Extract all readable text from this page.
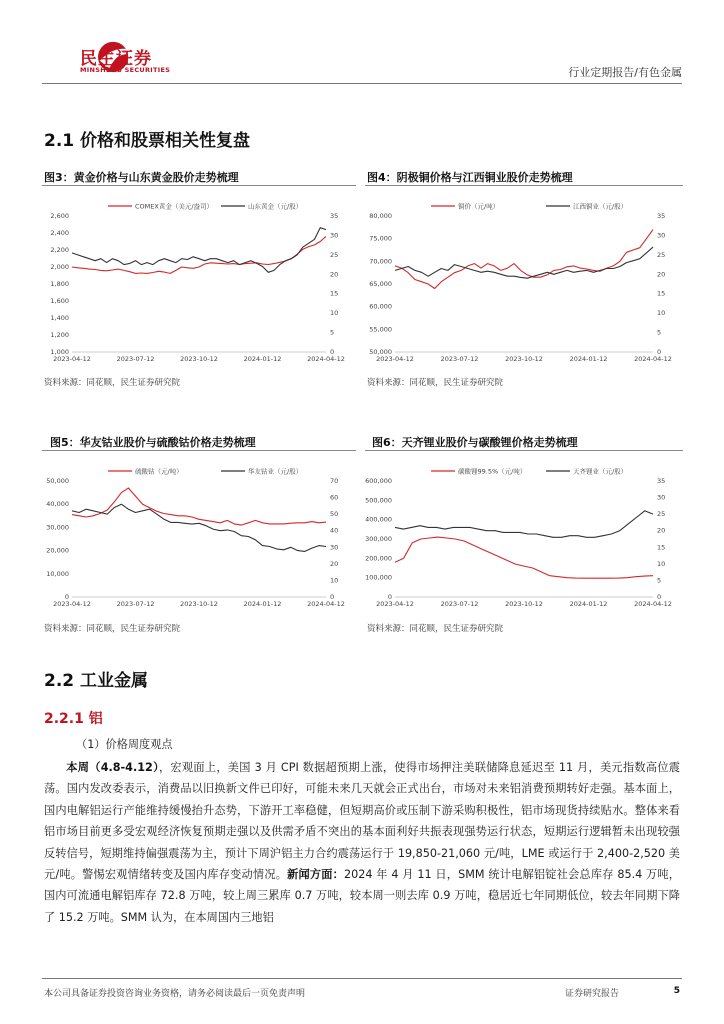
民生证券
MINSHENG SECURITIES	行业定期报告/有色金属
2.1 价格和股票相关性复盘
图3：黄金价格与山东黄金股价走势梳理
2,600
2,400
2,200
2,000
1,800
1,600
1,400
1,200
1,000
35
30
25
20
15
10
5
0
2023-04-12	2023-07-12	2023-10-12	2024-01-12	2024-04-12
COMEX黄金（美元/盎司）	山东黄金（元/股）
资料来源：同花顺，民生证券研究院
图4：阴极铜价格与江西铜业股价走势梳理
80,000
75,000
70,000
65,000
60,000
55,000
50,000
35
30
25
20
15
10
5
0
2023-04-12	2023-07-12	2023-10-12	2024-01-12	2024-04-12
铜价（元/吨）	江西铜业（元/股）
资料来源：同花顺，民生证券研究院
图5：华友钴业股价与硫酸钴价格走势梳理
50,000
40,000
30,000
20,000
10,000
0
70
60
50
40
30
20
10
0
2023-04-12	2023-07-12	2023-10-12	2024-01-12	2024-04-12
硫酸钴（元/吨）	华友钴业（元/股）
资料来源：同花顺，民生证券研究院
图6：天齐锂业股价与碳酸锂价格走势梳理
600,000
500,000
400,000
300,000
200,000
100,000
0
35
30
25
20
15
10
5
0
2023-04-12	2023-07-12	2023-10-12	2024-01-12	2024-04-12
碳酸锂99.5%（元/吨）	天齐锂业（元/股）
资料来源：同花顺，民生证券研究院
2.2 工业金属
2.2.1 铝
（1）价格周度观点
本周（4.8-4.12），宏观面上，美国 3 月 CPI 数据超预期上涨，使得市场押注美联储降息延迟至 11 月，美元指数高位震荡。国内发改委表示，消费品以旧换新文件已印好，可能未来几天就会正式出台，市场对未来铝消费预期转好走强。基本面上，国内电解铝运行产能维持缓慢抬升态势，下游开工率稳健，但短期高价或压制下游采购积极性，铝市场现货持续贴水。整体来看铝市场目前更多受宏观经济恢复预期走强以及供需矛盾不突出的基本面利好共振表现强势运行状态，短期运行逻辑暂未出现较强反转信号，短期维持偏强震荡为主，预计下周沪铝主力合约震荡运行于 19,850-21,060 元/吨，LME 或运行于 2,400-2,520 美元/吨。警惕宏观情绪转变及国内库存变动情况。新闻方面：2024 年 4 月 11 日，SMM 统计电解铝锭社会总库存 85.4 万吨，国内可流通电解铝库存 72.8 万吨，较上周三累库 0.7 万吨，较本周一则去库 0.9 万吨，稳居近七年同期低位，较去年同期下降了 15.2 万吨。SMM 认为，在本周国内三地铝
本公司具备证券投资咨询业务资格，请务必阅读最后一页免责声明	证券研究报告	5
